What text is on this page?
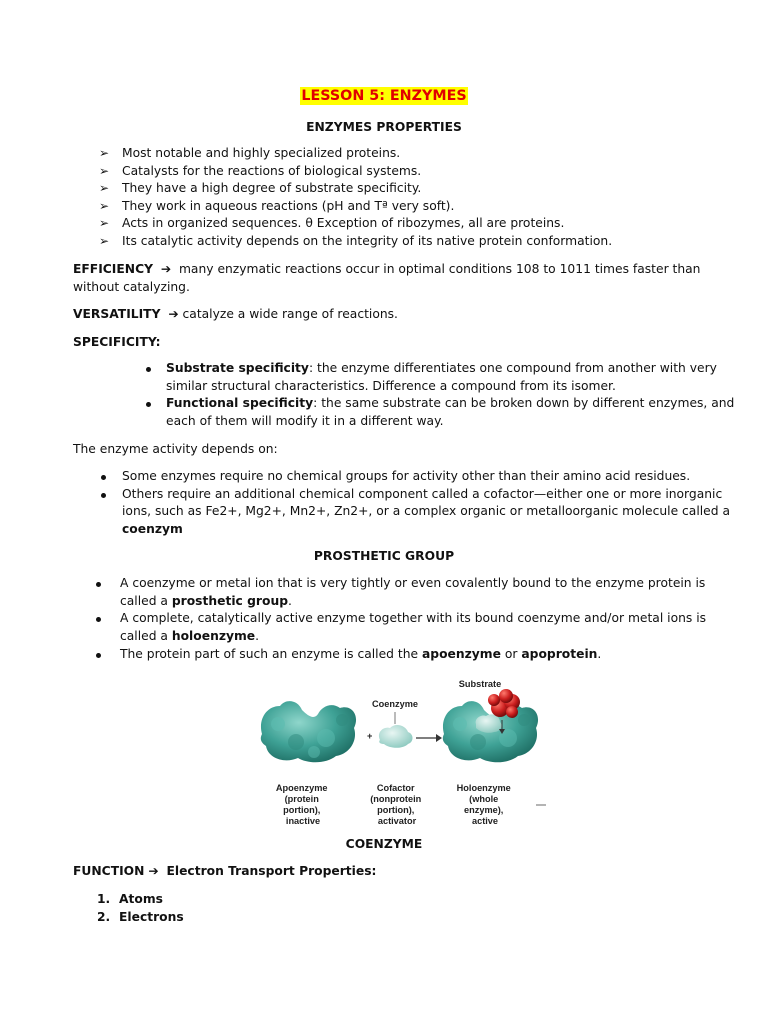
LESSON 5: ENZYMES
ENZYMES PROPERTIES
➢ Most notable and highly specialized proteins.
➢ Catalysts for the reactions of biological systems.
➢ They have a high degree of substrate specificity.
➢ They work in aqueous reactions (pH and Tª very soft).
➢ Acts in organized sequences. θ Exception of ribozymes, all are proteins.
➢ Its catalytic activity depends on the integrity of its native protein conformation.
EFFICIENCY  ➔  many enzymatic reactions occur in optimal conditions 108 to 1011 times faster than
without catalyzing.
VERSATILITY  ➔ catalyze a wide range of reactions.
SPECIFICITY:
Substrate specificity: the enzyme differentiates one compound from another with very
similar structural characteristics. Difference a compound from its isomer.
Functional specificity: the same substrate can be broken down by different enzymes, and
each of them will modify it in a different way.
The enzyme activity depends on:
Some enzymes require no chemical groups for activity other than their amino acid residues.
Others require an additional chemical component called a cofactor—either one or more inorganic
ions, such as Fe2+, Mg2+, Mn2+, Zn2+, or a complex organic or metalloorganic molecule called a
coenzym
PROSTHETIC GROUP
A coenzyme or metal ion that is very tightly or even covalently bound to the enzyme protein is
called a prosthetic group.
A complete, catalytically active enzyme together with its bound coenzyme and/or metal ions is
called a holoenzyme.
The protein part of such an enzyme is called the apoenzyme or apoprotein.
+
Coenzyme
Substrate
Apoenzyme (protein portion), inactive
Cofactor (nonprotein portion), activator
Holoenzyme (whole enzyme), active
COENZYME
FUNCTION ➔  Electron Transport Properties:
1. Atoms
2. Electrons
